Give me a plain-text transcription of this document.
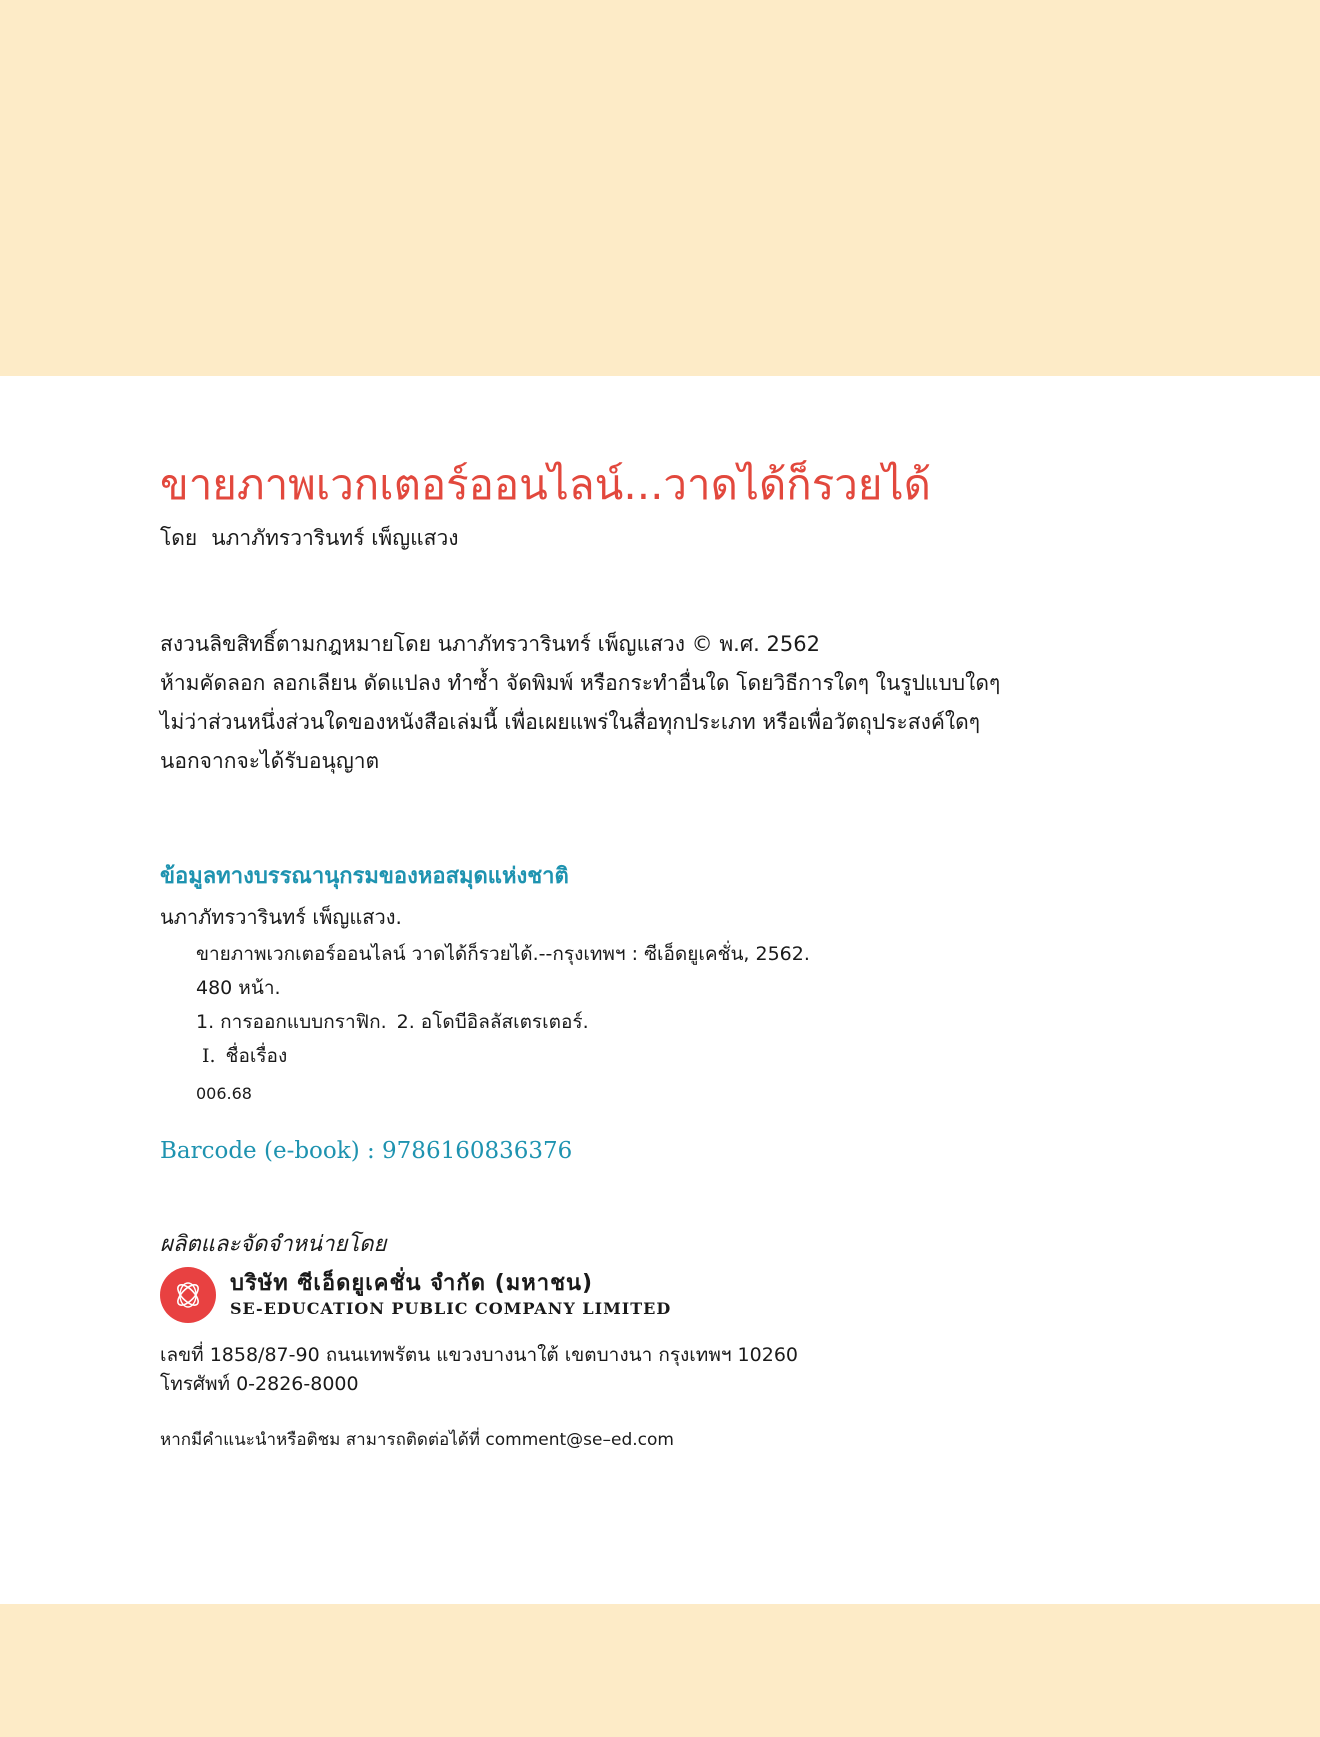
ขายภาพเวกเตอร์ออนไลน์...วาดได้ก็รวยได้
โดย นภาภัทรวารินทร์ เพ็ญแสวง
สงวนลิขสิทธิ์ตามกฎหมายโดย นภาภัทรวารินทร์ เพ็ญแสวง © พ.ศ. 2562
ห้ามคัดลอก ลอกเลียน ดัดแปลง ทำซ้ำ จัดพิมพ์ หรือกระทำอื่นใด โดยวิธีการใดๆ ในรูปแบบใดๆ
ไม่ว่าส่วนหนึ่งส่วนใดของหนังสือเล่มนี้ เพื่อเผยแพร่ในสื่อทุกประเภท หรือเพื่อวัตถุประสงค์ใดๆ
นอกจากจะได้รับอนุญาต
ข้อมูลทางบรรณานุกรมของหอสมุดแห่งชาติ
นภาภัทรวารินทร์ เพ็ญแสวง.
ขายภาพเวกเตอร์ออนไลน์ วาดได้ก็รวยได้.--กรุงเทพฯ : ซีเอ็ดยูเคชั่น, 2562.
480 หน้า.
1. การออกแบบกราฟิก. 2. อโดบีอิลลัสเตรเตอร์.
I. ชื่อเรื่อง
006.68
Barcode (e-book) : 9786160836376
ผลิตและจัดจำหน่ายโดย
บริษัท ซีเอ็ดยูเคชั่น จำกัด (มหาชน)
SE-EDUCATION PUBLIC COMPANY LIMITED
เลขที่ 1858/87-90 ถนนเทพรัตน แขวงบางนาใต้ เขตบางนา กรุงเทพฯ 10260
โทรศัพท์ 0-2826-8000
หากมีคำแนะนำหรือติชม สามารถติดต่อได้ที่ comment@se–ed.com
